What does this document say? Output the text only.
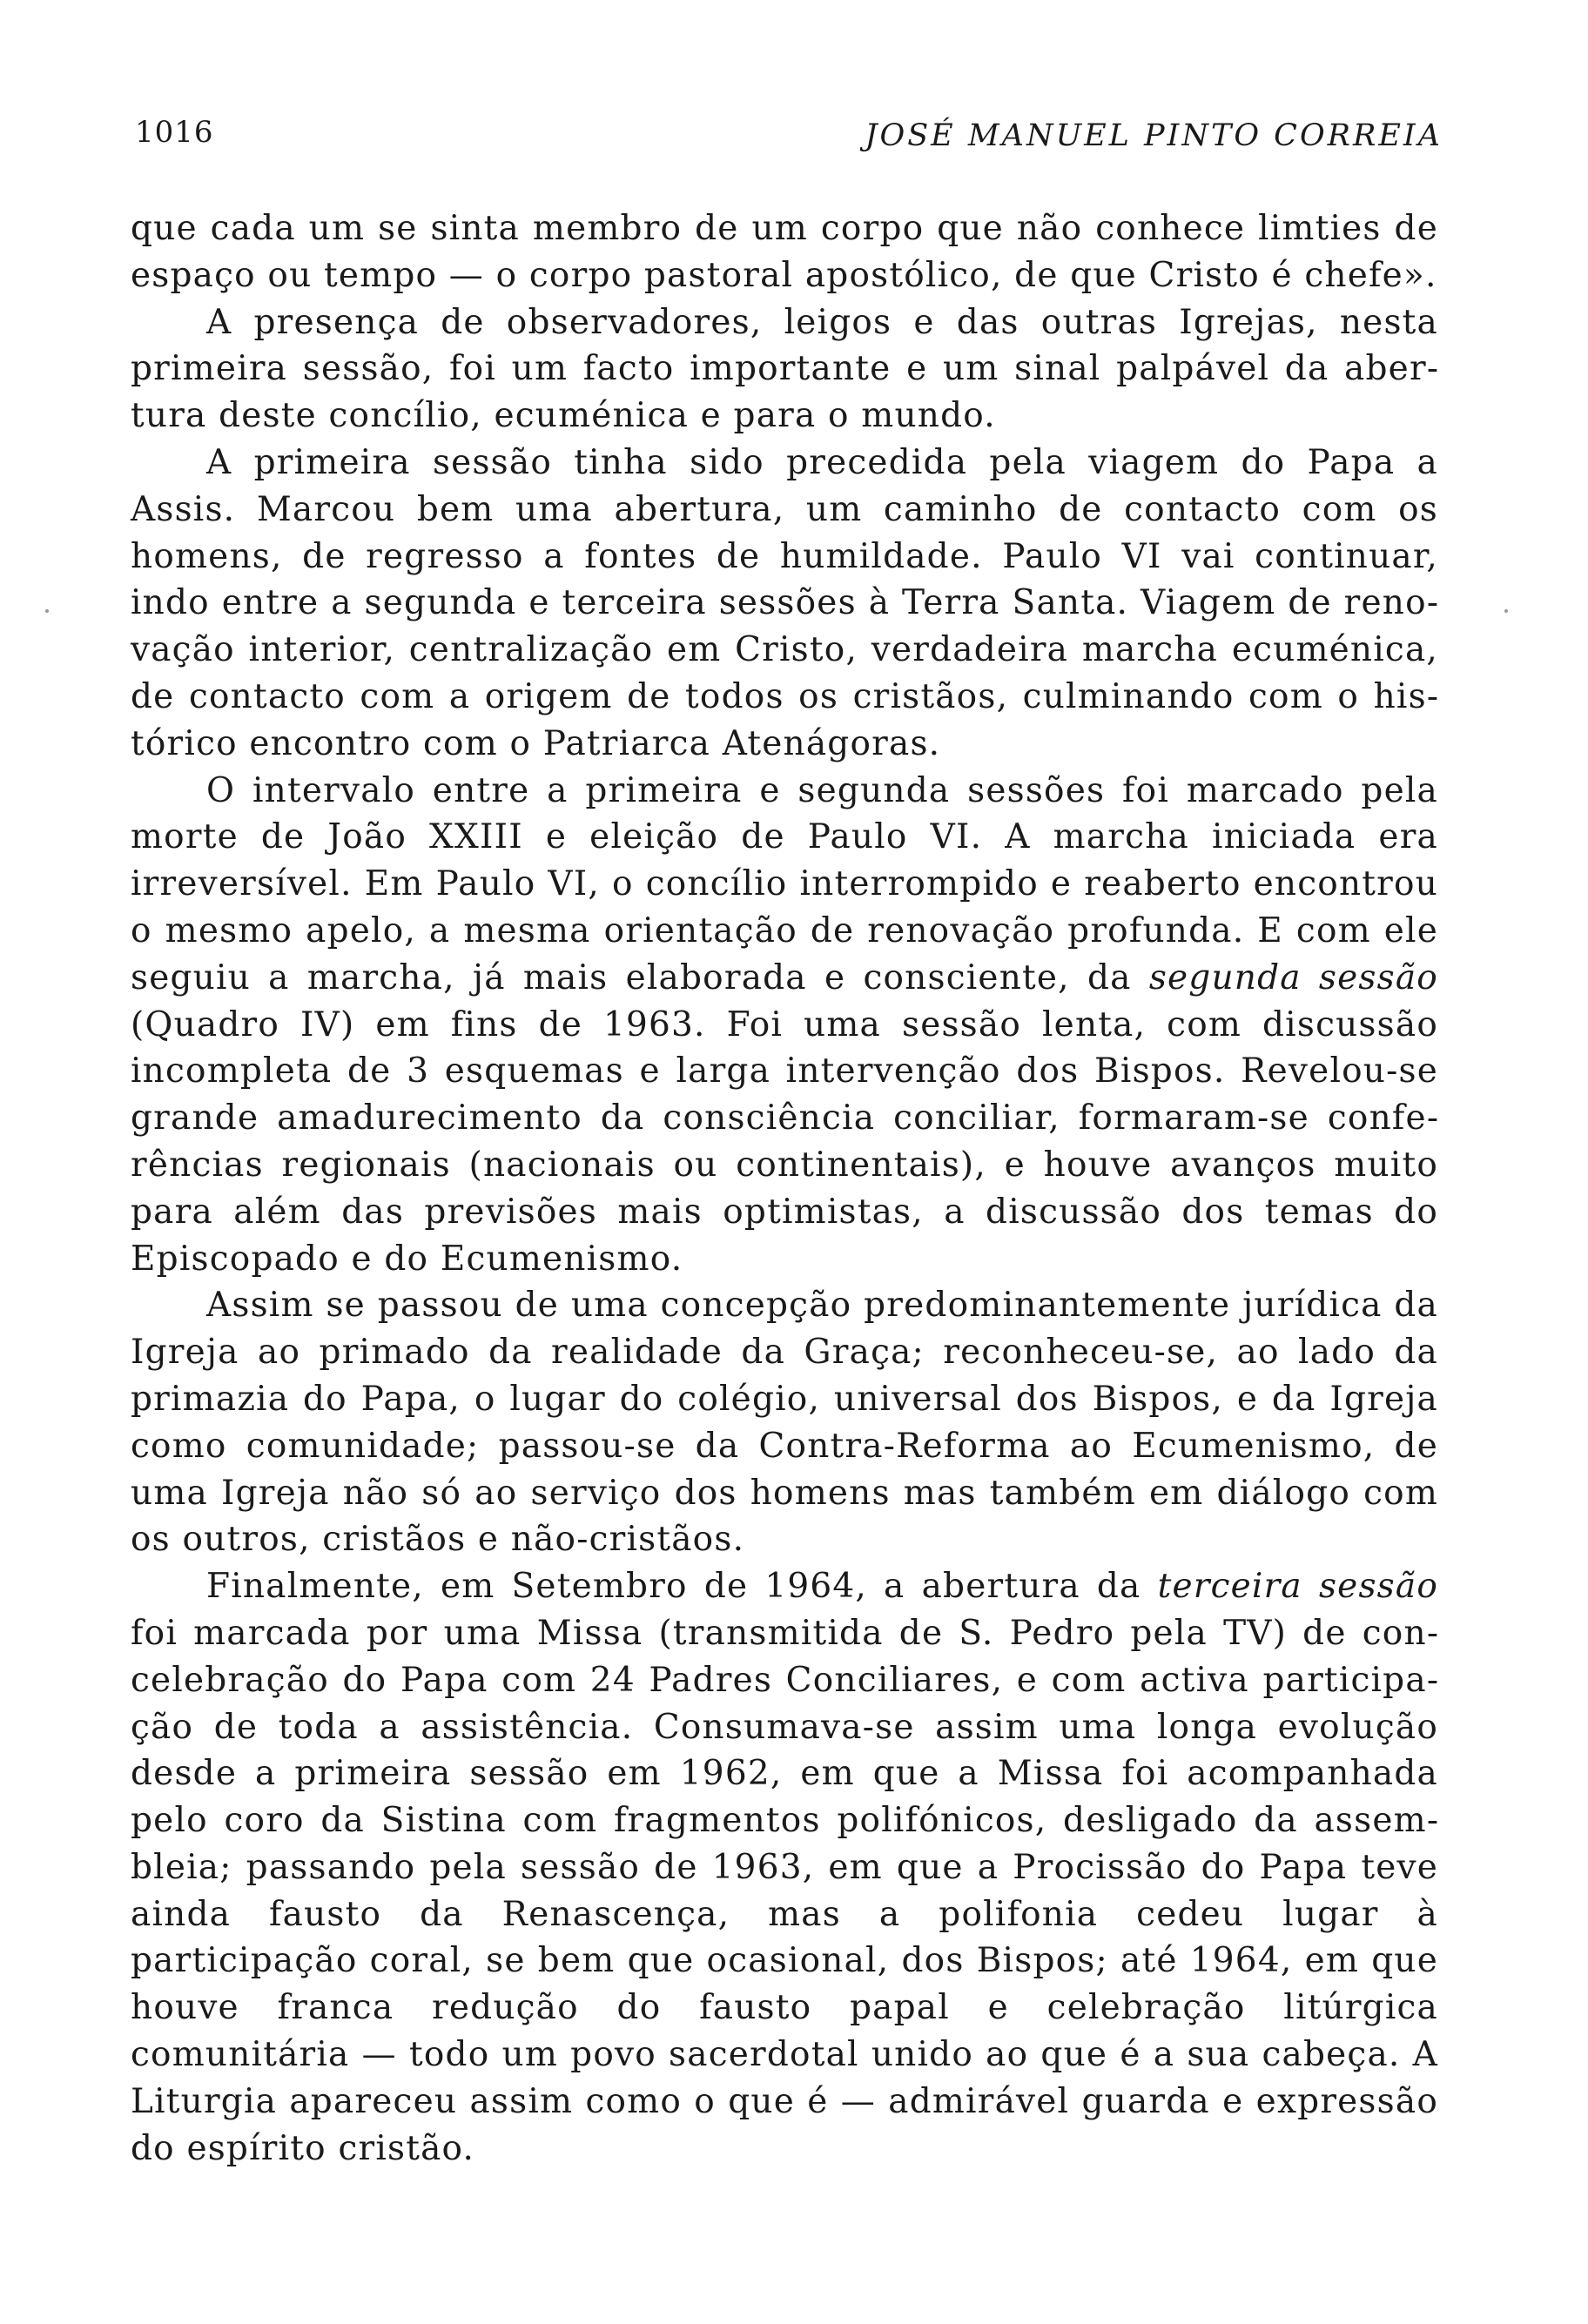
1016	JOSÉ MANUEL PINTO CORREIA

que cada um se sinta membro de um corpo que não conhece limties de espaço ou tempo — o corpo pastoral apostólico, de que Cristo é chefe».

A presença de observadores, leigos e das outras Igrejas, nesta primeira sessão, foi um facto importante e um sinal palpável da abertura deste concílio, ecuménica e para o mundo.

A primeira sessão tinha sido precedida pela viagem do Papa a Assis. Marcou bem uma abertura, um caminho de contacto com os homens, de regresso a fontes de humildade. Paulo VI vai continuar, indo entre a segunda e terceira sessões à Terra Santa. Viagem de renovação interior, centralização em Cristo, verdadeira marcha ecuménica, de contacto com a origem de todos os cristãos, culminando com o histórico encontro com o Patriarca Atenágoras.

O intervalo entre a primeira e segunda sessões foi marcado pela morte de João XXIII e eleição de Paulo VI. A marcha iniciada era irreversível. Em Paulo VI, o concílio interrompido e reaberto encontrou o mesmo apelo, a mesma orientação de renovação profunda. E com ele seguiu a marcha, já mais elaborada e consciente, da segunda sessão (Quadro IV) em fins de 1963. Foi uma sessão lenta, com discussão incompleta de 3 esquemas e larga intervenção dos Bispos. Revelou-se grande amadurecimento da consciência conciliar, formaram-se conferências regionais (nacionais ou continentais), e houve avanços muito para além das previsões mais optimistas, a discussão dos temas do Episcopado e do Ecumenismo.

Assim se passou de uma concepção predominantemente jurídica da Igreja ao primado da realidade da Graça; reconheceu-se, ao lado da primazia do Papa, o lugar do colégio, universal dos Bispos, e da Igreja como comunidade; passou-se da Contra-Reforma ao Ecumenismo, de uma Igreja não só ao serviço dos homens mas também em diálogo com os outros, cristãos e não-cristãos.

Finalmente, em Setembro de 1964, a abertura da terceira sessão foi marcada por uma Missa (transmitida de S. Pedro pela TV) de concelebração do Papa com 24 Padres Conciliares, e com activa participação de toda a assistência. Consumava-se assim uma longa evolução desde a primeira sessão em 1962, em que a Missa foi acompanhada pelo coro da Sistina com fragmentos polifónicos, desligado da assembleia; passando pela sessão de 1963, em que a Procissão do Papa teve ainda fausto da Renascença, mas a polifonia cedeu lugar à participação coral, se bem que ocasional, dos Bispos; até 1964, em que houve franca redução do fausto papal e celebração litúrgica comunitária — todo um povo sacerdotal unido ao que é a sua cabeça. A Liturgia apareceu assim como o que é — admirável guarda e expressão do espírito cristão.
